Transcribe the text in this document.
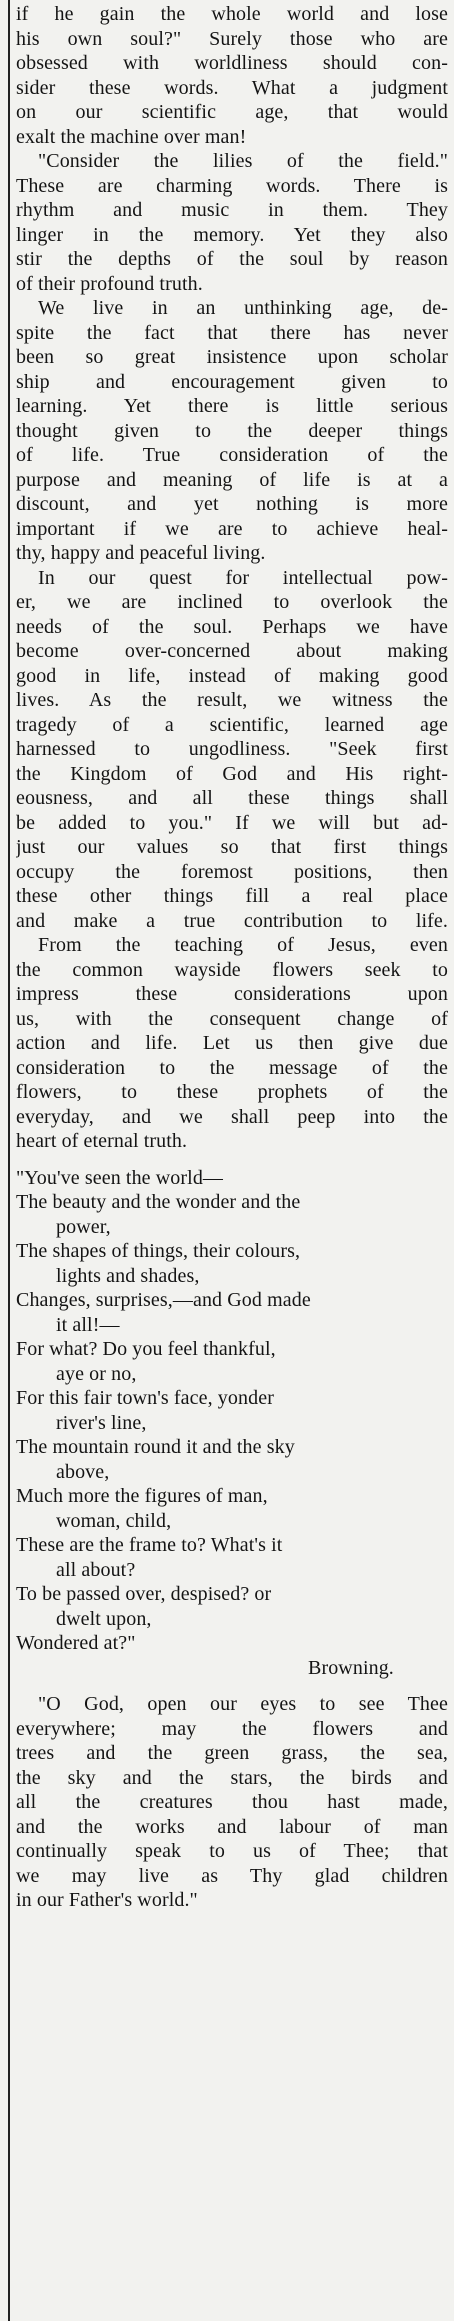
if he gain the whole world and lose
his own soul?" Surely those who are
obsessed with worldliness should con-
sider these words. What a judgment
on our scientific age, that would
exalt the machine over man!
"Consider the lilies of the field."
These are charming words. There is
rhythm and music in them. They
linger in the memory. Yet they also
stir the depths of the soul by reason
of their profound truth.
We live in an unthinking age, de-
spite the fact that there has never
been so great insistence upon scholar
ship and encouragement given to
learning. Yet there is little serious
thought given to the deeper things
of life. True consideration of the
purpose and meaning of life is at a
discount, and yet nothing is more
important if we are to achieve heal-
thy, happy and peaceful living.
In our quest for intellectual pow-
er, we are inclined to overlook the
needs of the soul. Perhaps we have
become over-concerned about making
good in life, instead of making good
lives. As the result, we witness the
tragedy of a scientific, learned age
harnessed to ungodliness. "Seek first
the Kingdom of God and His right-
eousness, and all these things shall
be added to you." If we will but ad-
just our values so that first things
occupy the foremost positions, then
these other things fill a real place
and make a true contribution to life.
From the teaching of Jesus, even
the common wayside flowers seek to
impress these considerations upon
us, with the consequent change of
action and life. Let us then give due
consideration to the message of the
flowers, to these prophets of the
everyday, and we shall peep into the
heart of eternal truth.
"You've seen the world—
The beauty and the wonder and the
power,
The shapes of things, their colours,
lights and shades,
Changes, surprises,—and God made
it all!—
For what? Do you feel thankful,
aye or no,
For this fair town's face, yonder
river's line,
The mountain round it and the sky
above,
Much more the figures of man,
woman, child,
These are the frame to? What's it
all about?
To be passed over, despised? or
dwelt upon,
Wondered at?"
Browning.
"O God, open our eyes to see Thee
everywhere; may the flowers and
trees and the green grass, the sea,
the sky and the stars, the birds and
all the creatures thou hast made,
and the works and labour of man
continually speak to us of Thee; that
we may live as Thy glad children
in our Father's world."
